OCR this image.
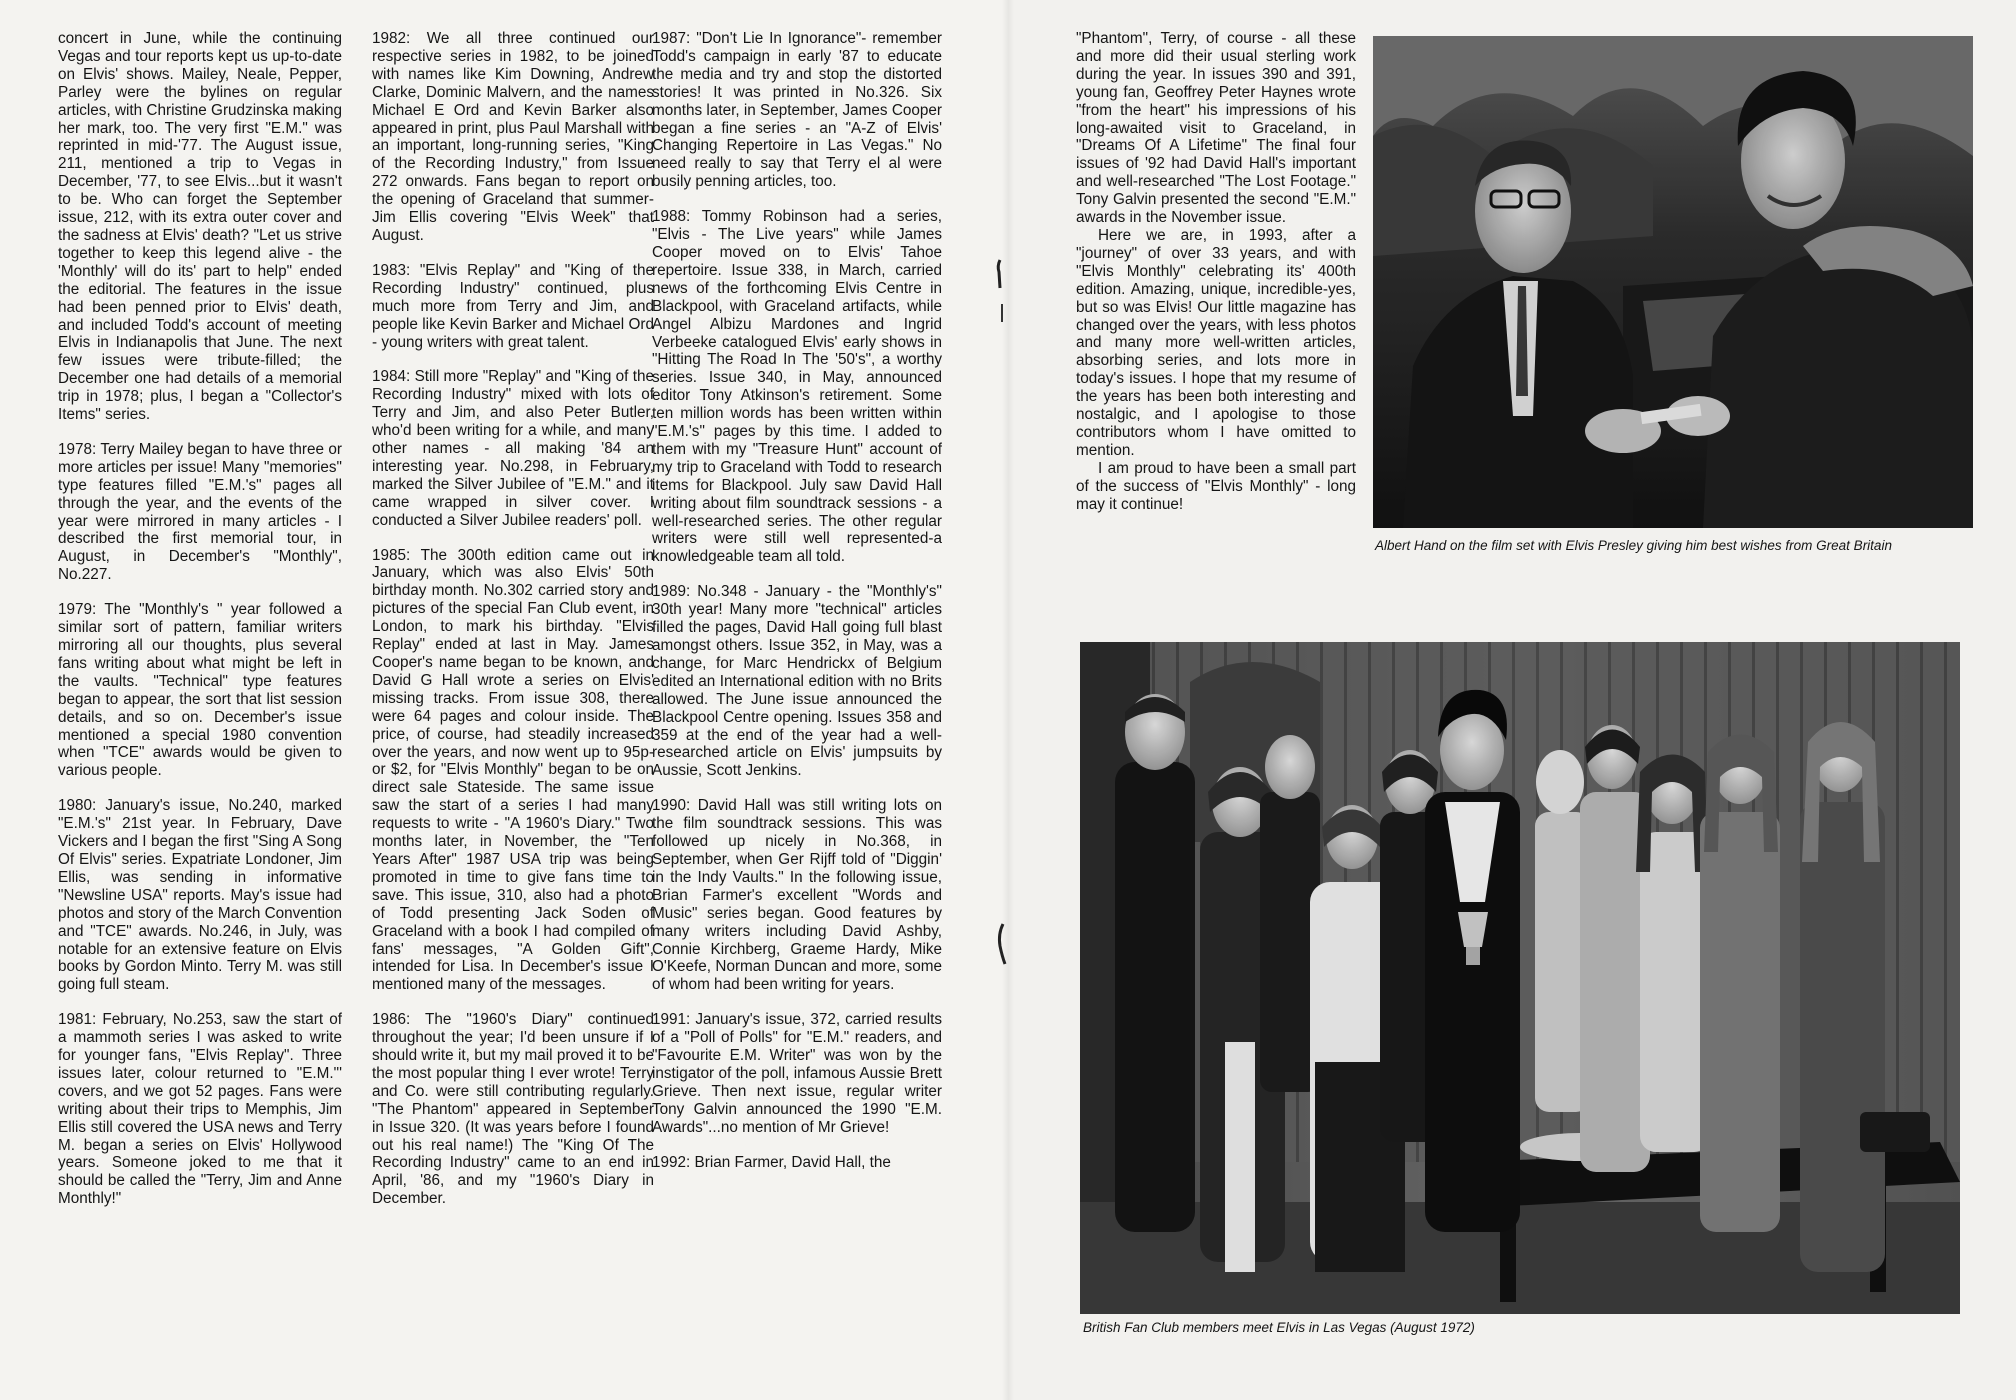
concert in June, while the continuing Vegas and tour reports kept us up-to-date on Elvis' shows. Mailey, Neale, Pepper, Parley were the bylines on regular articles, with Christine Grudzinska making her mark, too. The very first "E.M." was reprinted in mid-'77. The August issue, 211, mentioned a trip to Vegas in December, '77, to see Elvis...but it wasn't to be. Who can forget the September issue, 212, with its extra outer cover and the sadness at Elvis' death? "Let us strive together to keep this legend alive - the 'Monthly' will do its' part to help" ended the editorial. The features in the issue had been penned prior to Elvis' death, and included Todd's account of meeting Elvis in Indianapolis that June. The next few issues were tribute-filled; the December one had details of a memorial trip in 1978; plus, I began a "Collector's Items" series.

1978: Terry Mailey began to have three or more articles per issue! Many "memories" type features filled "E.M.'s" pages all through the year, and the events of the year were mirrored in many articles - I described the first memorial tour, in August, in December's "Monthly", No.227.

1979: The "Monthly's " year followed a similar sort of pattern, familiar writers mirroring all our thoughts, plus several fans writing about what might be left in the vaults. "Technical" type features began to appear, the sort that list session details, and so on. December's issue mentioned a special 1980 convention when "TCE" awards would be given to various people.

1980: January's issue, No.240, marked "E.M.'s" 21st year. In February, Dave Vickers and I began the first "Sing A Song Of Elvis" series. Expatriate Londoner, Jim Ellis, was sending in informative "Newsline USA" reports. May's issue had photos and story of the March Convention and "TCE" awards. No.246, in July, was notable for an extensive feature on Elvis books by Gordon Minto. Terry M. was still going full steam.

1981: February, No.253, saw the start of a mammoth series I was asked to write for younger fans, "Elvis Replay". Three issues later, colour returned to "E.M."' covers, and we got 52 pages. Fans were writing about their trips to Memphis, Jim Ellis still covered the USA news and Terry M. began a series on Elvis' Hollywood years. Someone joked to me that it should be called the "Terry, Jim and Anne Monthly!"

1982: We all three continued our respective series in 1982, to be joined with names like Kim Downing, Andrew Clarke, Dominic Malvern, and the names Michael E Ord and Kevin Barker also appeared in print, plus Paul Marshall with an important, long-running series, "King of the Recording Industry," from Issue 272 onwards. Fans began to report on the opening of Graceland that summer-Jim Ellis covering "Elvis Week" that August.

1983: "Elvis Replay" and "King of the Recording Industry" continued, plus much more from Terry and Jim, and people like Kevin Barker and Michael Ord - young writers with great talent.

1984: Still more "Replay" and "King of the Recording Industry" mixed with lots of Terry and Jim, and also Peter Butler, who'd been writing for a while, and many other names - all making '84 an interesting year. No.298, in February, marked the Silver Jubilee of "E.M." and it came wrapped in silver cover. I conducted a Silver Jubilee readers' poll.

1985: The 300th edition came out in January, which was also Elvis' 50th birthday month. No.302 carried story and pictures of the special Fan Club event, in London, to mark his birthday. "Elvis Replay" ended at last in May. James Cooper's name began to be known, and David G Hall wrote a series on Elvis' missing tracks. From issue 308, there were 64 pages and colour inside. The price, of course, had steadily increased over the years, and now went up to 95p- or $2, for "Elvis Monthly" began to be on direct sale Stateside. The same issue saw the start of a series I had many requests to write - "A 1960's Diary." Two months later, in November, the "Ten Years After" 1987 USA trip was being promoted in time to give fans time to save. This issue, 310, also had a photo of Todd presenting Jack Soden of Graceland with a book I had compiled of fans' messages, "A Golden Gift", intended for Lisa. In December's issue I mentioned many of the messages.

1986: The "1960's Diary" continued throughout the year; I'd been unsure if I should write it, but my mail proved it to be the most popular thing I ever wrote! Terry and Co. were still contributing regularly. "The Phantom" appeared in September in Issue 320. (It was years before I found out his real name!) The "King Of The Recording Industry" came to an end in April, '86, and my "1960's Diary in December.

1987: "Don't Lie In Ignorance"- remember Todd's campaign in early '87 to educate the media and try and stop the distorted stories! It was printed in No.326. Six months later, in September, James Cooper began a fine series - an "A-Z of Elvis' Changing Repertoire in Las Vegas." No need really to say that Terry el al were busily penning articles, too.

1988: Tommy Robinson had a series, "Elvis - The Live years" while James Cooper moved on to Elvis' Tahoe repertoire. Issue 338, in March, carried news of the forthcoming Elvis Centre in Blackpool, with Graceland artifacts, while Angel Albizu Mardones and Ingrid Verbeeke catalogued Elvis' early shows in "Hitting The Road In The '50's", a worthy series. Issue 340, in May, announced editor Tony Atkinson's retirement. Some ten million words has been written within "E.M.'s" pages by this time. I added to them with my "Treasure Hunt" account of my trip to Graceland with Todd to research items for Blackpool. July saw David Hall writing about film soundtrack sessions - a well-researched series. The other regular writers were still well represented-a knowledgeable team all told.

1989: No.348 - January - the "Monthly's" 30th year! Many more "technical" articles filled the pages, David Hall going full blast amongst others. Issue 352, in May, was a change, for Marc Hendrickx of Belgium edited an International edition with no Brits allowed. The June issue announced the Blackpool Centre opening. Issues 358 and 359 at the end of the year had a well-researched article on Elvis' jumpsuits by Aussie, Scott Jenkins.

1990: David Hall was still writing lots on the film soundtrack sessions. This was followed up nicely in No.368, in September, when Ger Rijff told of "Diggin' in the Indy Vaults." In the following issue, Brian Farmer's excellent "Words and Music" series began. Good features by many writers including David Ashby, Connie Kirchberg, Graeme Hardy, Mike O'Keefe, Norman Duncan and more, some of whom had been writing for years.

1991: January's issue, 372, carried results of a "Poll of Polls" for "E.M." readers, and "Favourite E.M. Writer" was won by the instigator of the poll, infamous Aussie Brett Grieve. Then next issue, regular writer Tony Galvin announced the 1990 "E.M. Awards"...no mention of Mr Grieve!

1992: Brian Farmer, David Hall, the

"Phantom", Terry, of course - all these and more did their usual sterling work during the year. In issues 390 and 391, young fan, Geoffrey Peter Haynes wrote "from the heart" his impressions of his long-awaited visit to Graceland, in "Dreams Of A Lifetime" The final four issues of '92 had David Hall's important and well-researched "The Lost Footage." Tony Galvin presented the second "E.M." awards in the November issue.

Here we are, in 1993, after a "journey" of over 33 years, and with "Elvis Monthly" celebrating its' 400th edition. Amazing, unique, incredible-yes, but so was Elvis! Our little magazine has changed over the years, with less photos and many more well-written articles, absorbing series, and lots more in today's issues. I hope that my resume of the years has been both interesting and nostalgic, and I apologise to those contributors whom I have omitted to mention.

I am proud to have been a small part of the success of "Elvis Monthly" - long may it continue!

Albert Hand on the film set with Elvis Presley giving him best wishes from Great Britain
British Fan Club members meet Elvis in Las Vegas (August 1972)
